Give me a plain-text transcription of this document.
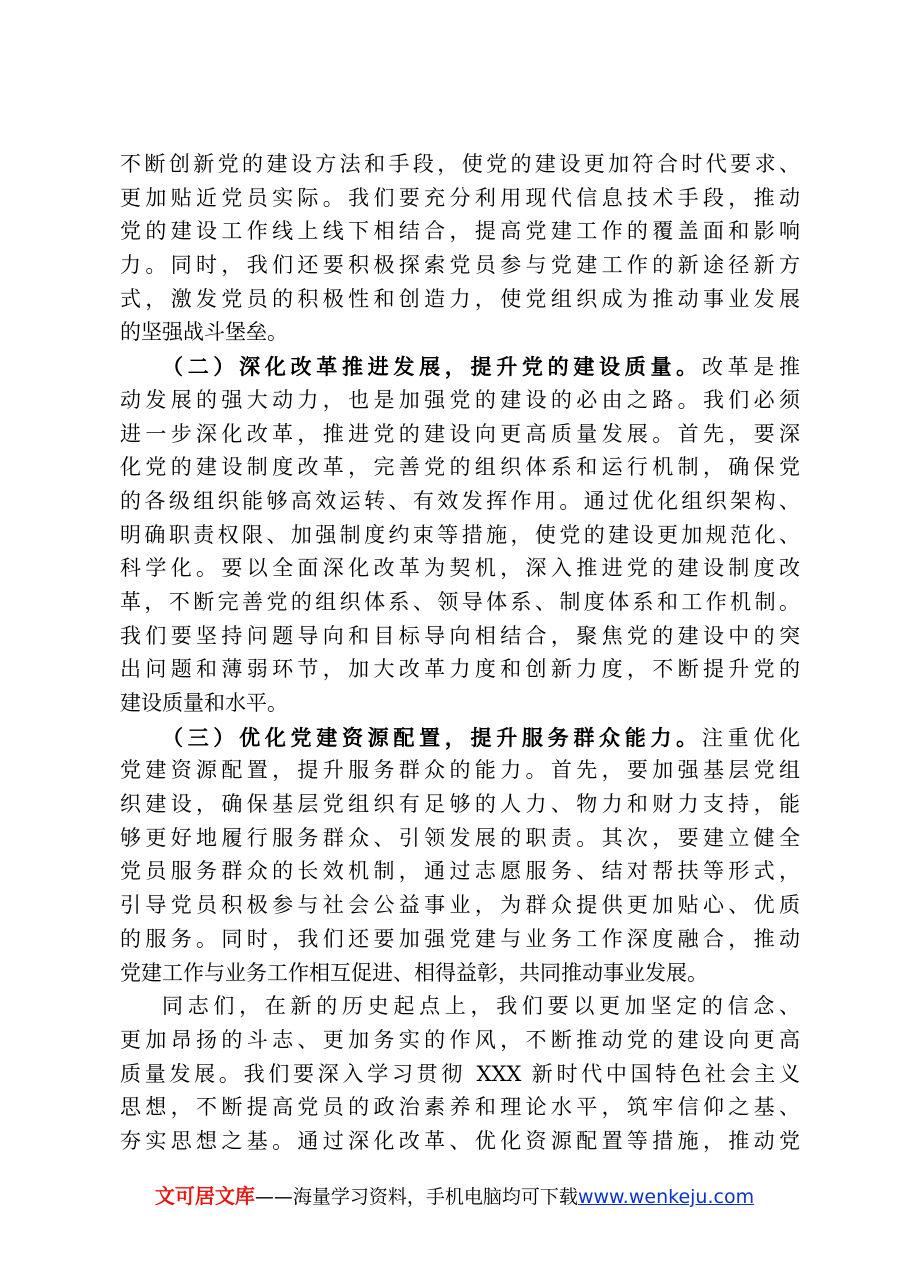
不断创新党的建设方法和手段，使党的建设更加符合时代要求、
更加贴近党员实际。我们要充分利用现代信息技术手段，推动
党的建设工作线上线下相结合，提高党建工作的覆盖面和影响
力。同时，我们还要积极探索党员参与党建工作的新途径新方
式，激发党员的积极性和创造力，使党组织成为推动事业发展
的坚强战斗堡垒。
（二）深化改革推进发展，提升党的建设质量。改革是推
动发展的强大动力，也是加强党的建设的必由之路。我们必须
进一步深化改革，推进党的建设向更高质量发展。首先，要深
化党的建设制度改革，完善党的组织体系和运行机制，确保党
的各级组织能够高效运转、有效发挥作用。通过优化组织架构、
明确职责权限、加强制度约束等措施，使党的建设更加规范化、
科学化。要以全面深化改革为契机，深入推进党的建设制度改
革，不断完善党的组织体系、领导体系、制度体系和工作机制。
我们要坚持问题导向和目标导向相结合，聚焦党的建设中的突
出问题和薄弱环节，加大改革力度和创新力度，不断提升党的
建设质量和水平。
（三）优化党建资源配置，提升服务群众能力。注重优化
党建资源配置，提升服务群众的能力。首先，要加强基层党组
织建设，确保基层党组织有足够的人力、物力和财力支持，能
够更好地履行服务群众、引领发展的职责。其次，要建立健全
党员服务群众的长效机制，通过志愿服务、结对帮扶等形式，
引导党员积极参与社会公益事业，为群众提供更加贴心、优质
的服务。同时，我们还要加强党建与业务工作深度融合，推动
党建工作与业务工作相互促进、相得益彰，共同推动事业发展。
同志们，在新的历史起点上，我们要以更加坚定的信念、
更加昂扬的斗志、更加务实的作风，不断推动党的建设向更高
质量发展。我们要深入学习贯彻 XXX 新时代中国特色社会主义
思想，不断提高党员的政治素养和理论水平，筑牢信仰之基、
夯实思想之基。通过深化改革、优化资源配置等措施，推动党
文可居文库——海量学习资料，手机电脑均可下载www.wenkeju.com
